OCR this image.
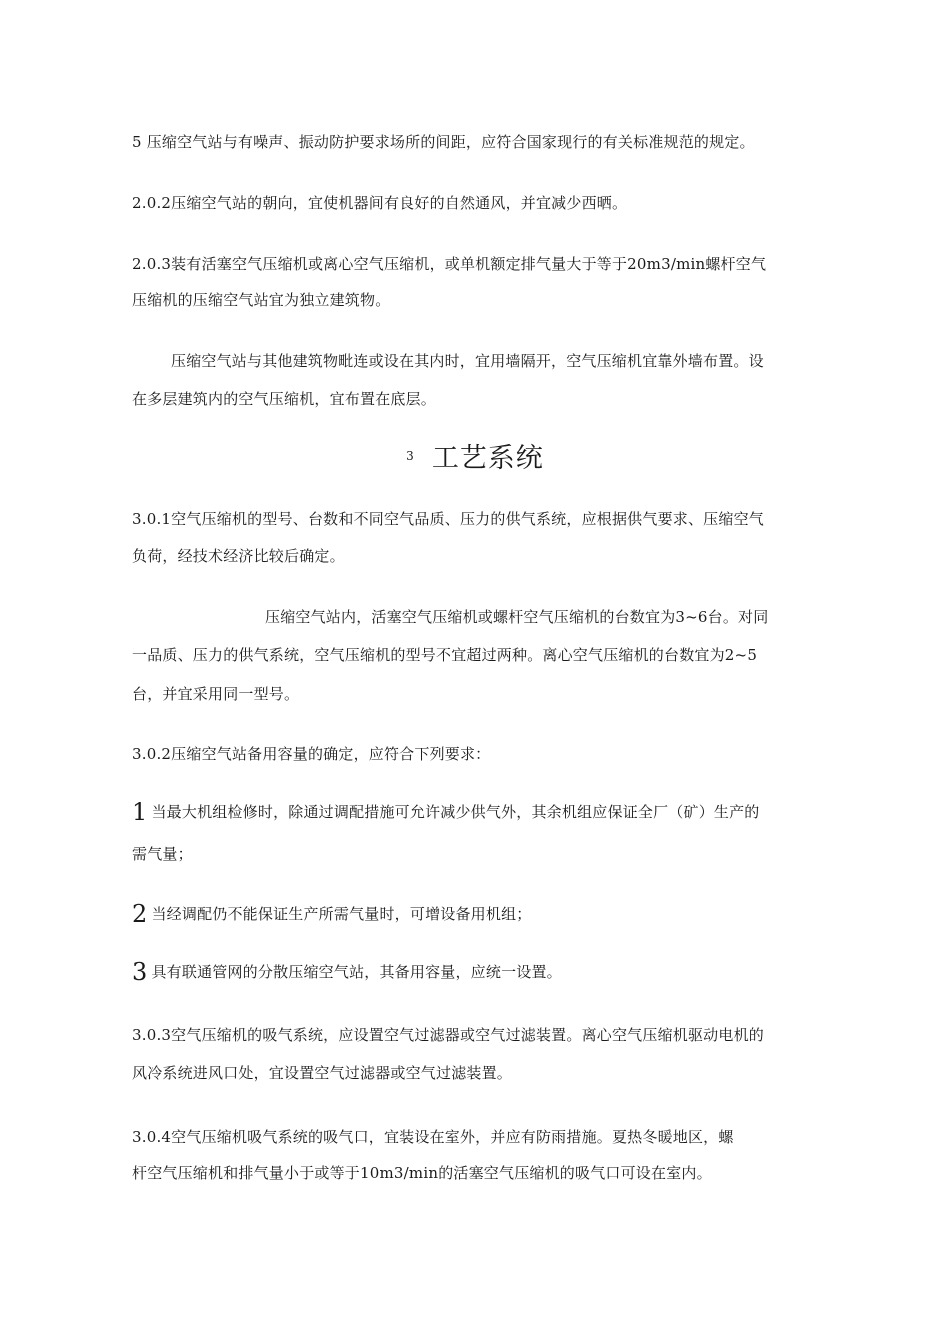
5 压缩空气站与有噪声、振动防护要求场所的间距，应符合国家现行的有关标准规范的规定。
2.0.2压缩空气站的朝向，宜使机器间有良好的自然通风，并宜减少西晒。
2.0.3装有活塞空气压缩机或离心空气压缩机，或单机额定排气量大于等于20m3/min螺杆空气
压缩机的压缩空气站宜为独立建筑物。
压缩空气站与其他建筑物毗连或设在其内时，宜用墙隔开，空气压缩机宜靠外墙布置。设
在多层建筑内的空气压缩机，宜布置在底层。
3 工艺系统
3.0.1空气压缩机的型号、台数和不同空气品质、压力的供气系统，应根据供气要求、压缩空气
负荷，经技术经济比较后确定。
压缩空气站内，活塞空气压缩机或螺杆空气压缩机的台数宜为3~6台。对同
一品质、压力的供气系统，空气压缩机的型号不宜超过两种。离心空气压缩机的台数宜为2~5
台，并宜采用同一型号。
3.0.2压缩空气站备用容量的确定，应符合下列要求：
1 当最大机组检修时，除通过调配措施可允许减少供气外，其余机组应保证全厂（矿）生产的
需气量；
2 当经调配仍不能保证生产所需气量时，可增设备用机组；
3 具有联通管网的分散压缩空气站，其备用容量，应统一设置。
3.0.3空气压缩机的吸气系统，应设置空气过滤器或空气过滤装置。离心空气压缩机驱动电机的
风冷系统进风口处，宜设置空气过滤器或空气过滤装置。
3.0.4空气压缩机吸气系统的吸气口，宜装设在室外，并应有防雨措施。夏热冬暖地区，螺
杆空气压缩机和排气量小于或等于10m3/min的活塞空气压缩机的吸气口可设在室内。
